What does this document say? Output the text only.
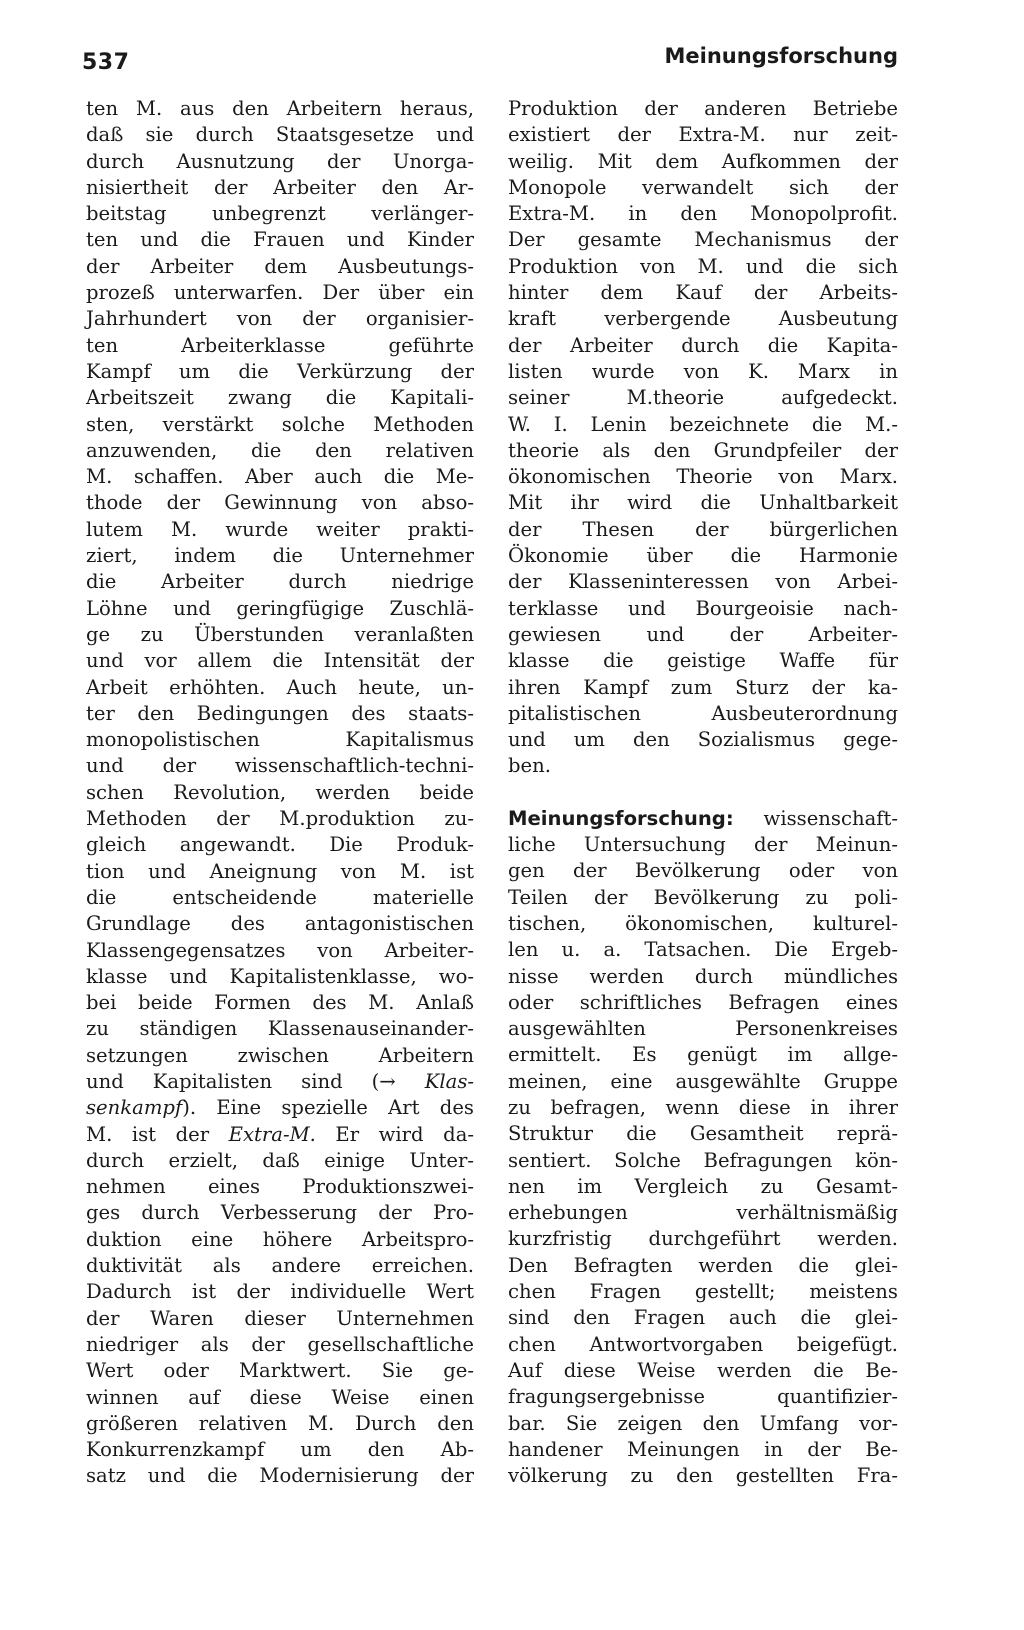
537	Meinungsforschung
ten M. aus den Arbeitern heraus,
daß sie durch Staatsgesetze und
durch Ausnutzung der Unorga-
nisiertheit der Arbeiter den Ar-
beitstag unbegrenzt verlänger-
ten und die Frauen und Kinder
der Arbeiter dem Ausbeutungs-
prozeß unterwarfen. Der über ein
Jahrhundert von der organisier-
ten Arbeiterklasse geführte
Kampf um die Verkürzung der
Arbeitszeit zwang die Kapitali-
sten, verstärkt solche Methoden
anzuwenden, die den relativen
M. schaffen. Aber auch die Me-
thode der Gewinnung von abso-
lutem M. wurde weiter prakti-
ziert, indem die Unternehmer
die Arbeiter durch niedrige
Löhne und geringfügige Zuschlä-
ge zu Überstunden veranlaßten
und vor allem die Intensität der
Arbeit erhöhten. Auch heute, un-
ter den Bedingungen des staats-
monopolistischen Kapitalismus
und der wissenschaftlich-techni-
schen Revolution, werden beide
Methoden der M.produktion zu-
gleich angewandt. Die Produk-
tion und Aneignung von M. ist
die entscheidende materielle
Grundlage des antagonistischen
Klassengegensatzes von Arbeiter-
klasse und Kapitalistenklasse, wo-
bei beide Formen des M. Anlaß
zu ständigen Klassenauseinander-
setzungen zwischen Arbeitern
und Kapitalisten sind (→ Klas-
senkampf). Eine spezielle Art des
M. ist der Extra-M. Er wird da-
durch erzielt, daß einige Unter-
nehmen eines Produktionszwei-
ges durch Verbesserung der Pro-
duktion eine höhere Arbeitspro-
duktivität als andere erreichen.
Dadurch ist der individuelle Wert
der Waren dieser Unternehmen
niedriger als der gesellschaftliche
Wert oder Marktwert. Sie ge-
winnen auf diese Weise einen
größeren relativen M. Durch den
Konkurrenzkampf um den Ab-
satz und die Modernisierung der
Produktion der anderen Betriebe
existiert der Extra-M. nur zeit-
weilig. Mit dem Aufkommen der
Monopole verwandelt sich der
Extra-M. in den Monopolprofit.
Der gesamte Mechanismus der
Produktion von M. und die sich
hinter dem Kauf der Arbeits-
kraft verbergende Ausbeutung
der Arbeiter durch die Kapita-
listen wurde von K. Marx in
seiner M.theorie aufgedeckt.
W. I. Lenin bezeichnete die M.-
theorie als den Grundpfeiler der
ökonomischen Theorie von Marx.
Mit ihr wird die Unhaltbarkeit
der Thesen der bürgerlichen
Ökonomie über die Harmonie
der Klasseninteressen von Arbei-
terklasse und Bourgeoisie nach-
gewiesen und der Arbeiter-
klasse die geistige Waffe für
ihren Kampf zum Sturz der ka-
pitalistischen Ausbeuterordnung
und um den Sozialismus gege-
ben.
Meinungsforschung: wissenschaft-
liche Untersuchung der Meinun-
gen der Bevölkerung oder von
Teilen der Bevölkerung zu poli-
tischen, ökonomischen, kulturel-
len u. a. Tatsachen. Die Ergeb-
nisse werden durch mündliches
oder schriftliches Befragen eines
ausgewählten Personenkreises
ermittelt. Es genügt im allge-
meinen, eine ausgewählte Gruppe
zu befragen, wenn diese in ihrer
Struktur die Gesamtheit reprä-
sentiert. Solche Befragungen kön-
nen im Vergleich zu Gesamt-
erhebungen verhältnismäßig
kurzfristig durchgeführt werden.
Den Befragten werden die glei-
chen Fragen gestellt; meistens
sind den Fragen auch die glei-
chen Antwortvorgaben beigefügt.
Auf diese Weise werden die Be-
fragungsergebnisse quantifizier-
bar. Sie zeigen den Umfang vor-
handener Meinungen in der Be-
völkerung zu den gestellten Fra-
